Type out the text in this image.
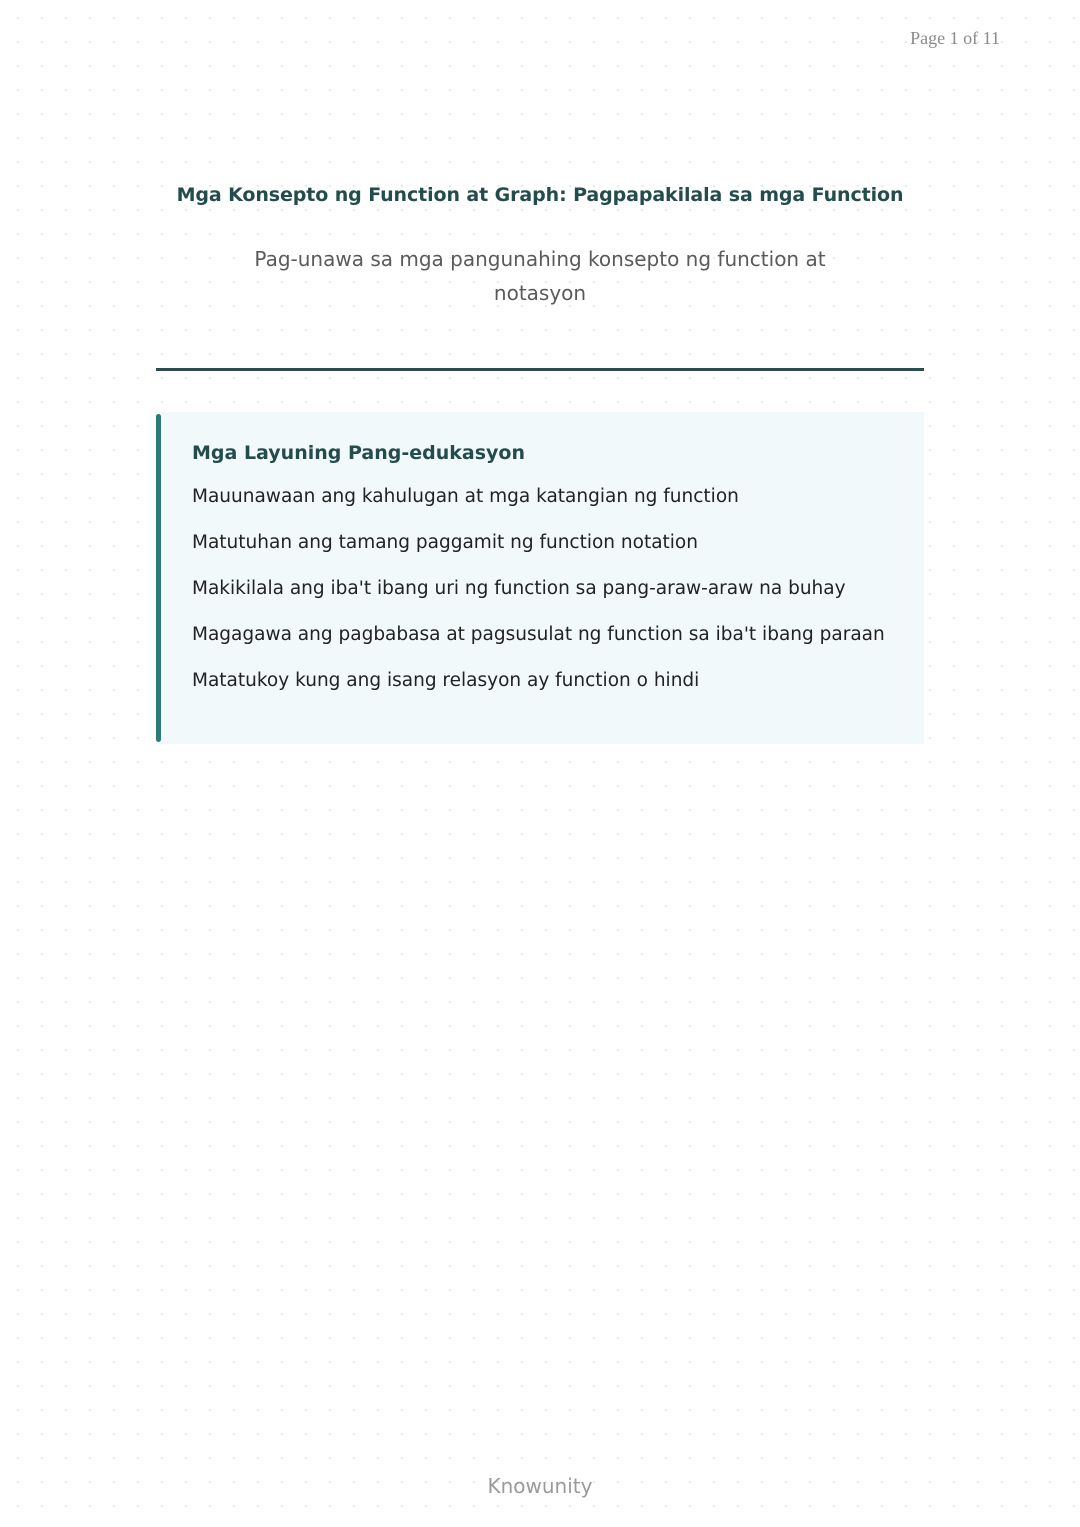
Page 1 of 11
Mga Konsepto ng Function at Graph: Pagpapakilala sa mga Function
Pag-unawa sa mga pangunahing konsepto ng function at notasyon
Mga Layuning Pang-edukasyon
Mauunawaan ang kahulugan at mga katangian ng function
Matutuhan ang tamang paggamit ng function notation
Makikilala ang iba't ibang uri ng function sa pang-araw-araw na buhay
Magagawa ang pagbabasa at pagsusulat ng function sa iba't ibang paraan
Matatukoy kung ang isang relasyon ay function o hindi
Knowunity
